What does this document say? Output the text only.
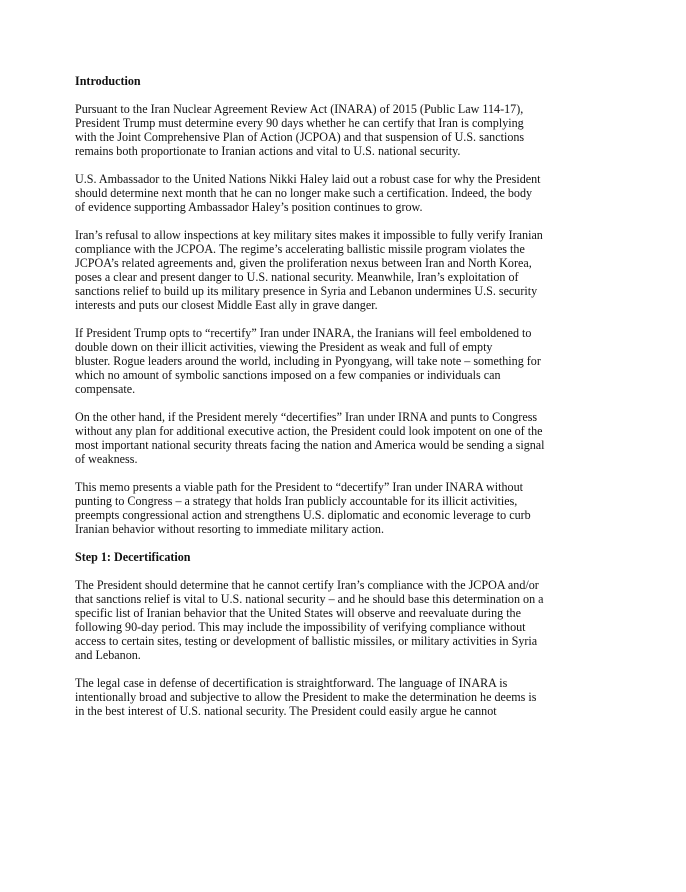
Introduction
Pursuant to the Iran Nuclear Agreement Review Act (INARA) of 2015 (Public Law 114-17),
President Trump must determine every 90 days whether he can certify that Iran is complying
with the Joint Comprehensive Plan of Action (JCPOA) and that suspension of U.S. sanctions
remains both proportionate to Iranian actions and vital to U.S. national security.
U.S. Ambassador to the United Nations Nikki Haley laid out a robust case for why the President
should determine next month that he can no longer make such a certification. Indeed, the body
of evidence supporting Ambassador Haley’s position continues to grow.
Iran’s refusal to allow inspections at key military sites makes it impossible to fully verify Iranian
compliance with the JCPOA. The regime’s accelerating ballistic missile program violates the
JCPOA’s related agreements and, given the proliferation nexus between Iran and North Korea,
poses a clear and present danger to U.S. national security. Meanwhile, Iran’s exploitation of
sanctions relief to build up its military presence in Syria and Lebanon undermines U.S. security
interests and puts our closest Middle East ally in grave danger.
If President Trump opts to “recertify” Iran under INARA, the Iranians will feel emboldened to
double down on their illicit activities, viewing the President as weak and full of empty
bluster. Rogue leaders around the world, including in Pyongyang, will take note – something for
which no amount of symbolic sanctions imposed on a few companies or individuals can
compensate.
On the other hand, if the President merely “decertifies” Iran under IRNA and punts to Congress
without any plan for additional executive action, the President could look impotent on one of the
most important national security threats facing the nation and America would be sending a signal
of weakness.
This memo presents a viable path for the President to “decertify” Iran under INARA without
punting to Congress – a strategy that holds Iran publicly accountable for its illicit activities,
preempts congressional action and strengthens U.S. diplomatic and economic leverage to curb
Iranian behavior without resorting to immediate military action.
Step 1: Decertification
The President should determine that he cannot certify Iran’s compliance with the JCPOA and/or
that sanctions relief is vital to U.S. national security – and he should base this determination on a
specific list of Iranian behavior that the United States will observe and reevaluate during the
following 90-day period. This may include the impossibility of verifying compliance without
access to certain sites, testing or development of ballistic missiles, or military activities in Syria
and Lebanon.
The legal case in defense of decertification is straightforward. The language of INARA is
intentionally broad and subjective to allow the President to make the determination he deems is
in the best interest of U.S. national security. The President could easily argue he cannot
